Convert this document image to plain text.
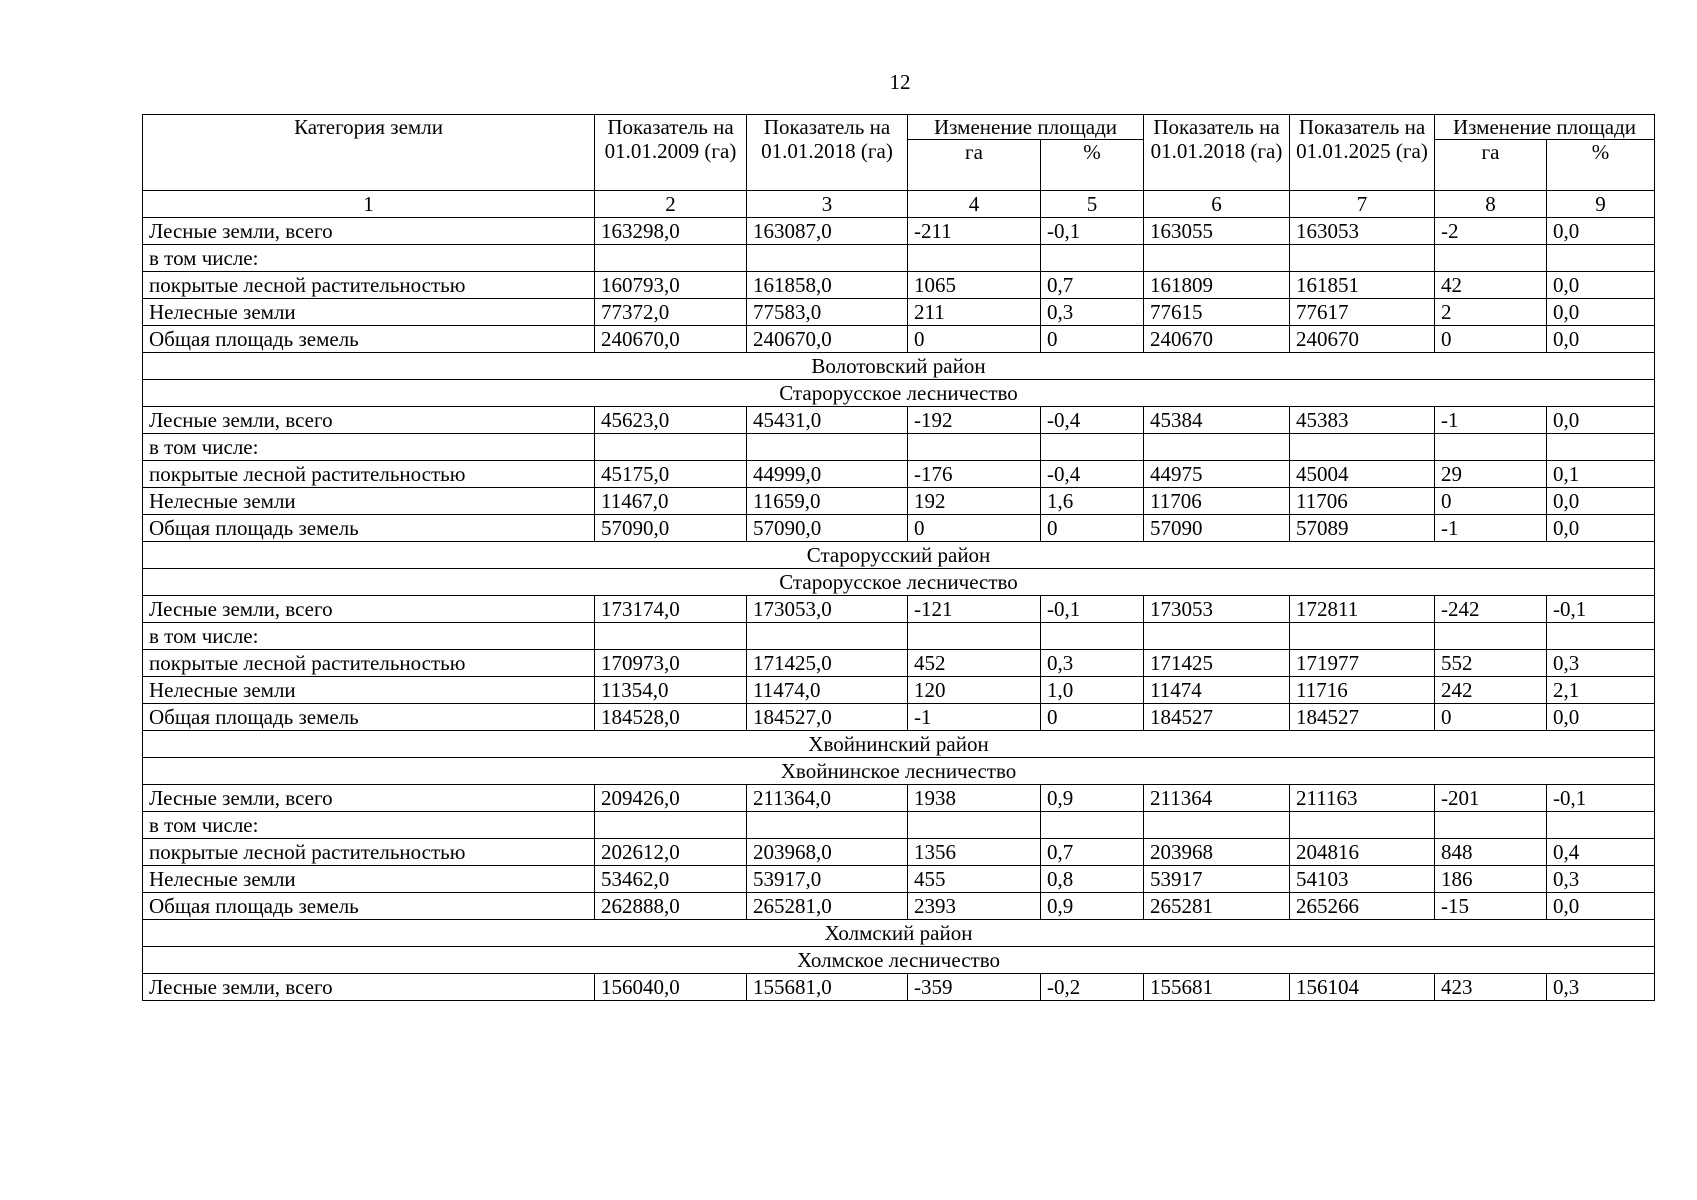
12
Категория земли	Показатель на 01.01.2009 (га)	Показатель на 01.01.2018 (га)	Изменение площади		Показатель на 01.01.2018 (га)	Показатель на 01.01.2025 (га)	Изменение площади	
			га	%			га	%
1	2	3	4	5	6	7	8	9
Лесные земли, всего	163298,0	163087,0	-211	-0,1	163055	163053	-2	0,0
в том числе:								
покрытые лесной растительностью	160793,0	161858,0	1065	0,7	161809	161851	42	0,0
Нелесные земли	77372,0	77583,0	211	0,3	77615	77617	2	0,0
Общая площадь земель	240670,0	240670,0	0	0	240670	240670	0	0,0
Волотовский район								
Старорусское лесничество								
Лесные земли, всего	45623,0	45431,0	-192	-0,4	45384	45383	-1	0,0
в том числе:								
покрытые лесной растительностью	45175,0	44999,0	-176	-0,4	44975	45004	29	0,1
Нелесные земли	11467,0	11659,0	192	1,6	11706	11706	0	0,0
Общая площадь земель	57090,0	57090,0	0	0	57090	57089	-1	0,0
Старорусский район								
Старорусское лесничество								
Лесные земли, всего	173174,0	173053,0	-121	-0,1	173053	172811	-242	-0,1
в том числе:								
покрытые лесной растительностью	170973,0	171425,0	452	0,3	171425	171977	552	0,3
Нелесные земли	11354,0	11474,0	120	1,0	11474	11716	242	2,1
Общая площадь земель	184528,0	184527,0	-1	0	184527	184527	0	0,0
Хвойнинский район								
Хвойнинское лесничество								
Лесные земли, всего	209426,0	211364,0	1938	0,9	211364	211163	-201	-0,1
в том числе:								
покрытые лесной растительностью	202612,0	203968,0	1356	0,7	203968	204816	848	0,4
Нелесные земли	53462,0	53917,0	455	0,8	53917	54103	186	0,3
Общая площадь земель	262888,0	265281,0	2393	0,9	265281	265266	-15	0,0
Холмский район								
Холмское лесничество								
Лесные земли, всего	156040,0	155681,0	-359	-0,2	155681	156104	423	0,3
